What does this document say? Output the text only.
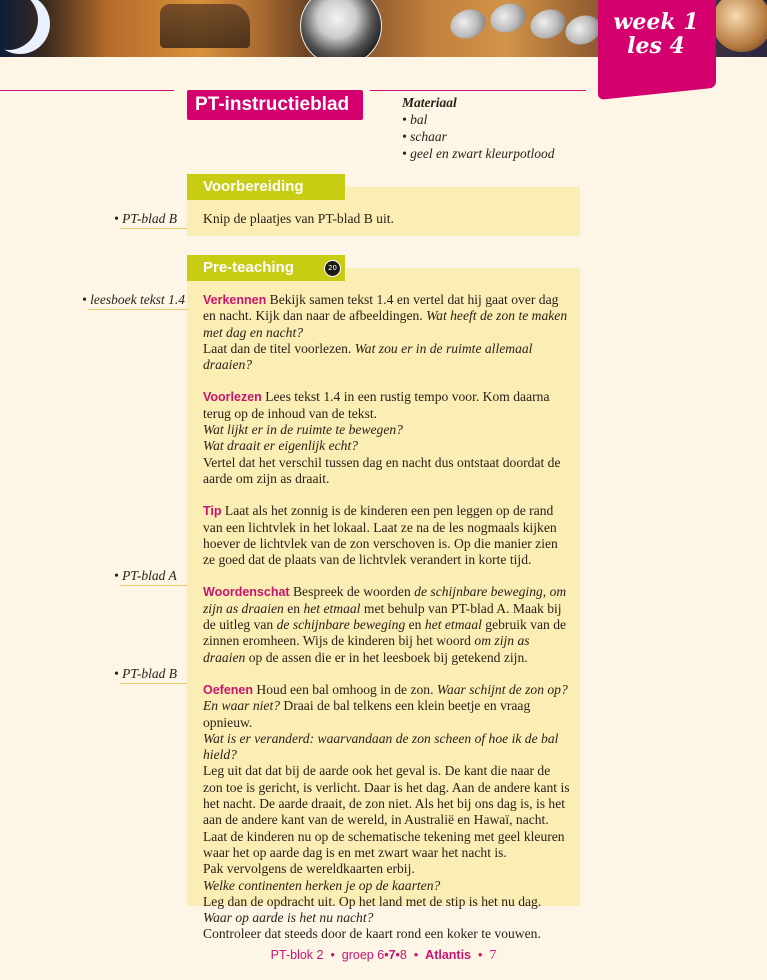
week 1
les 4
PT-instructieblad	Materiaal
• bal
• schaar
• geel en zwart kleurpotlood
Voorbereiding
• PT-blad B Knip de plaatjes van PT-blad B uit.
Pre-teaching	20
• leesboek tekst 1.4
• PT-blad A
• PT-blad B

Verkennen Bekijk samen tekst 1.4 en vertel dat hij gaat over dag en nacht. Kijk dan naar de afbeeldingen. Wat heeft de zon te maken met dag en nacht?
Laat dan de titel voorlezen. Wat zou er in de ruimte allemaal draaien?

Voorlezen Lees tekst 1.4 in een rustig tempo voor. Kom daarna terug op de inhoud van de tekst.
Wat lijkt er in de ruimte te bewegen?
Wat draait er eigenlijk echt?
Vertel dat het verschil tussen dag en nacht dus ontstaat doordat de aarde om zijn as draait.

Tip Laat als het zonnig is de kinderen een pen leggen op de rand van een lichtvlek in het lokaal. Laat ze na de les nogmaals kijken hoever de lichtvlek van de zon verschoven is. Op die manier zien ze goed dat de plaats van de lichtvlek verandert in korte tijd.

Woordenschat Bespreek de woorden de schijnbare beweging, om zijn as draaien en het etmaal met behulp van PT-blad A. Maak bij de uitleg van de schijnbare beweging en het etmaal gebruik van de zinnen eromheen. Wijs de kinderen bij het woord om zijn as draaien op de assen die er in het leesboek bij getekend zijn.

Oefenen Houd een bal omhoog in de zon. Waar schijnt de zon op? En waar niet? Draai de bal telkens een klein beetje en vraag opnieuw.
Wat is er veranderd: waarvandaan de zon scheen of hoe ik de bal hield?
Leg uit dat dat bij de aarde ook het geval is. De kant die naar de zon toe is gericht, is verlicht. Daar is het dag. Aan de andere kant is het nacht. De aarde draait, de zon niet. Als het bij ons dag is, is het aan de andere kant van de wereld, in Australië en Hawaï, nacht.
Laat de kinderen nu op de schematische tekening met geel kleuren waar het op aarde dag is en met zwart waar het nacht is.
Pak vervolgens de wereldkaarten erbij.
Welke continenten herken je op de kaarten?
Leg dan de opdracht uit. Op het land met de stip is het nu dag.
Waar op aarde is het nu nacht?
Controleer dat steeds door de kaart rond een koker te vouwen.

PT-blok 2 • groep 6•7•8 • Atlantis • 7
